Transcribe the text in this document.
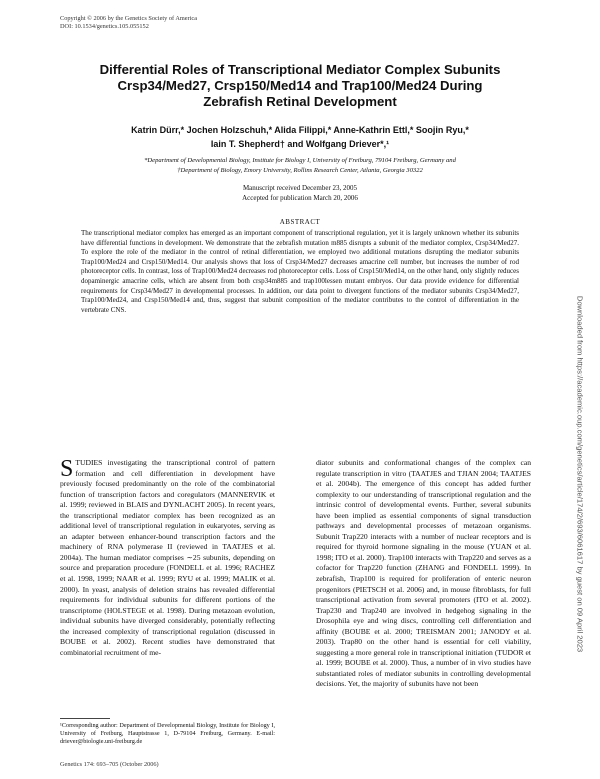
Copyright © 2006 by the Genetics Society of America
DOI: 10.1534/genetics.105.055152
Differential Roles of Transcriptional Mediator Complex Subunits
Crsp34/Med27, Crsp150/Med14 and Trap100/Med24 During
Zebrafish Retinal Development
Katrin Dürr,* Jochen Holzschuh,* Alida Filippi,* Anne-Kathrin Ettl,* Soojin Ryu,*
Iain T. Shepherd† and Wolfgang Driever*,¹
*Department of Developmental Biology, Institute for Biology I, University of Freiburg, 79104 Freiburg, Germany and
†Department of Biology, Emory University, Rollins Research Center, Atlanta, Georgia 30322
Manuscript received December 23, 2005
Accepted for publication March 20, 2006
ABSTRACT
The transcriptional mediator complex has emerged as an important component of transcriptional regulation, yet it is largely unknown whether its subunits have differential functions in development. We demonstrate that the zebrafish mutation m885 disrupts a subunit of the mediator complex, Crsp34/Med27. To explore the role of the mediator in the control of retinal differentiation, we employed two additional mutations disrupting the mediator subunits Trap100/Med24 and Crsp150/Med14. Our analysis shows that loss of Crsp34/Med27 decreases amacrine cell number, but increases the number of rod photoreceptor cells. In contrast, loss of Trap100/Med24 decreases rod photoreceptor cells. Loss of Crsp150/Med14, on the other hand, only slightly reduces dopaminergic amacrine cells, which are absent from both crsp34m885 and trap100lessen mutant embryos. Our data provide evidence for differential requirements for Crsp34/Med27 in developmental processes. In addition, our data point to divergent functions of the mediator subunits Crsp34/Med27, Trap100/Med24, and Crsp150/Med14 and, thus, suggest that subunit composition of the mediator contributes to the control of differentiation in the vertebrate CNS.
STUDIES investigating the transcriptional control of pattern formation and cell differentiation in development have previously focused predominantly on the role of the combinatorial function of transcription factors and coregulators (MANNERVIK et al. 1999; reviewed in BLAIS and DYNLACHT 2005). In recent years, the transcriptional mediator complex has been recognized as an additional level of transcriptional regulation in eukaryotes, serving as an adapter between enhancer-bound transcription factors and the machinery of RNA polymerase II (reviewed in TAATJES et al. 2004a). The human mediator comprises ∼25 subunits, depending on source and preparation procedure (FONDELL et al. 1996; RACHEZ et al. 1998, 1999; NAAR et al. 1999; RYU et al. 1999; MALIK et al. 2000). In yeast, analysis of deletion strains has revealed differential requirements for individual subunits for different portions of the transcriptome (HOLSTEGE et al. 1998). During metazoan evolution, individual subunits have diverged considerably, potentially reflecting the increased complexity of transcriptional regulation (discussed in BOUBE et al. 2002). Recent studies have demonstrated that combinatorial recruitment of me-
diator subunits and conformational changes of the complex can regulate transcription in vitro (TAATJES and TJIAN 2004; TAATJES et al. 2004b). The emergence of this concept has added further complexity to our understanding of transcriptional regulation and the intrinsic control of developmental events. Further, several subunits have been implied as essential components of signal transduction pathways and developmental processes of metazoan organisms. Subunit Trap220 interacts with a number of nuclear receptors and is required for thyroid hormone signaling in the mouse (YUAN et al. 1998; ITO et al. 2000). Trap100 interacts with Trap220 and serves as a cofactor for Trap220 function (ZHANG and FONDELL 1999). In zebrafish, Trap100 is required for proliferation of enteric neuron progenitors (PIETSCH et al. 2006) and, in mouse fibroblasts, for full transcriptional activation from several promoters (ITO et al. 2002). Trap230 and Trap240 are involved in hedgehog signaling in the Drosophila eye and wing discs, controlling cell differentiation and affinity (BOUBE et al. 2000; TREISMAN 2001; JANODY et al. 2003). Trap80 on the other hand is essential for cell viability, suggesting a more general role in transcriptional initiation (TUDOR et al. 1999; BOUBE et al. 2000). Thus, a number of in vivo studies have substantiated roles of mediator subunits in controlling developmental decisions. Yet, the majority of subunits have not been
¹Corresponding author: Department of Developmental Biology, Institute for Biology I, University of Freiburg, Hauptstrasse 1, D-79104 Freiburg, Germany. E-mail: driever@biologie.uni-freiburg.de
Genetics 174: 693–705 (October 2006)
Downloaded from https://academic.oup.com/genetics/article/174/2/693/6061617 by guest on 09 April 2023
